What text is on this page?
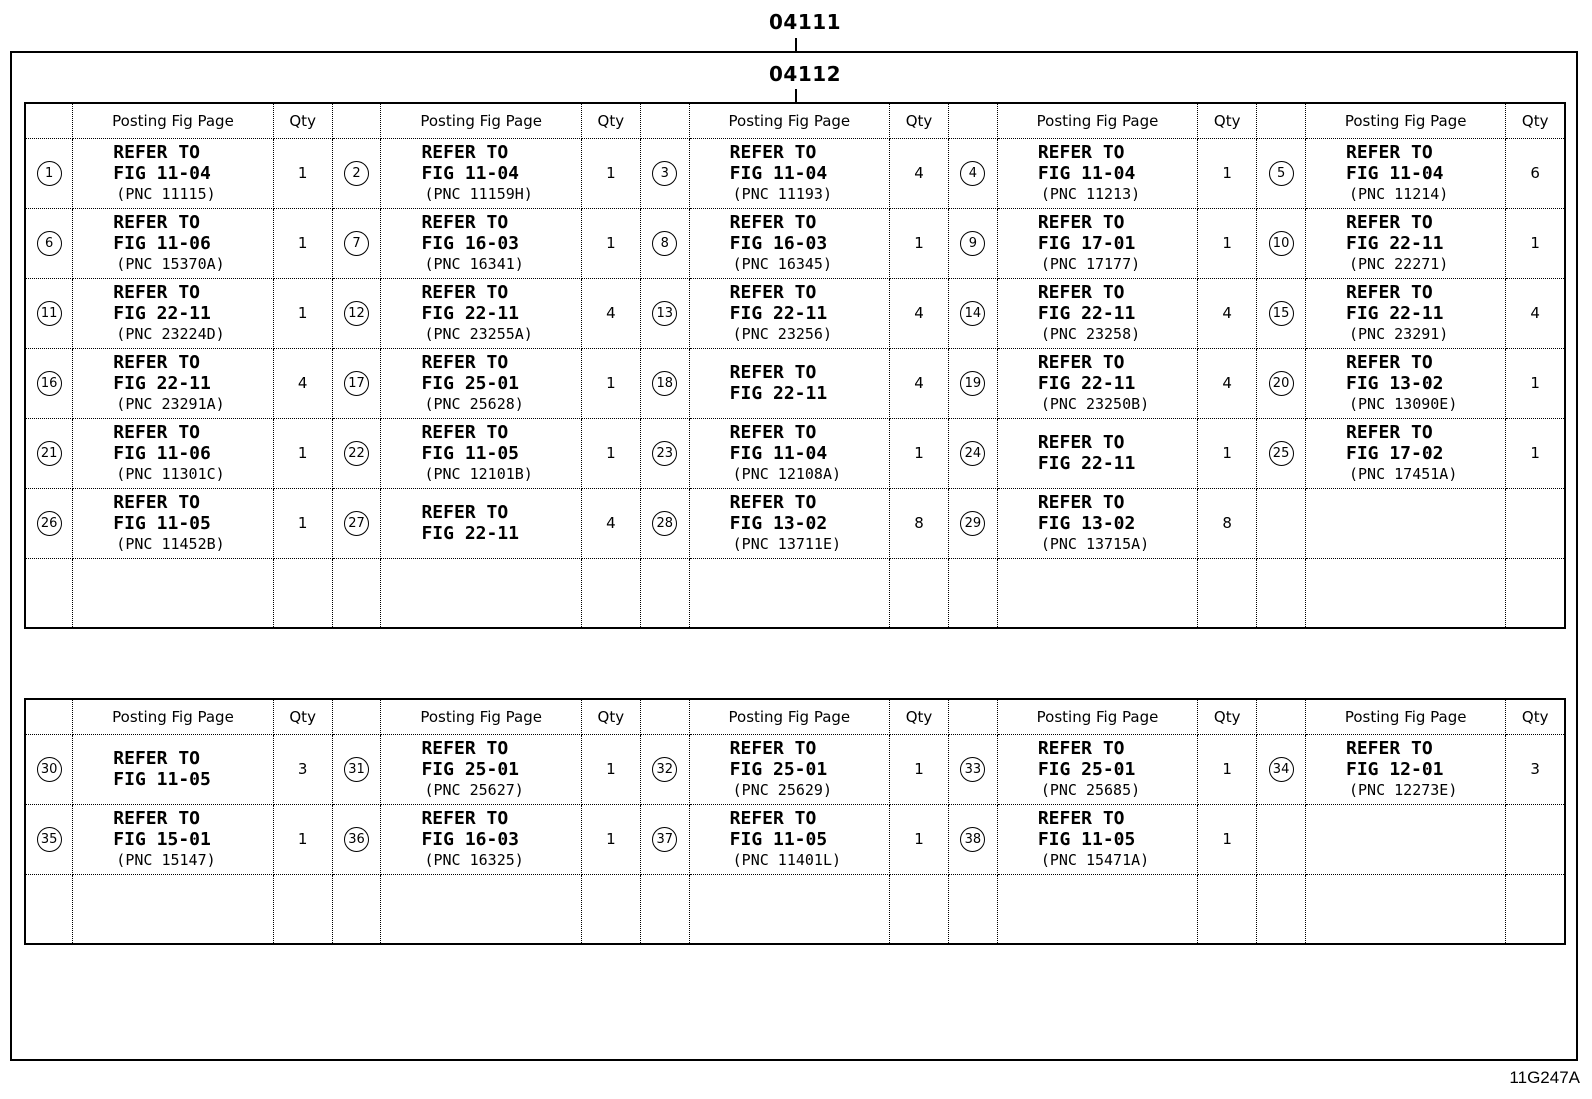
04111
04112
	Posting Fig Page	Qty		Posting Fig Page	Qty		Posting Fig Page	Qty		Posting Fig Page	Qty		Posting Fig Page	Qty
1	REFER TO
FIG 11-04
(PNC 11115)	1	2	REFER TO
FIG 11-04
(PNC 11159H)	1	3	REFER TO
FIG 11-04
(PNC 11193)	4	4	REFER TO
FIG 11-04
(PNC 11213)	1	5	REFER TO
FIG 11-04
(PNC 11214)	6
6	REFER TO
FIG 11-06
(PNC 15370A)	1	7	REFER TO
FIG 16-03
(PNC 16341)	1	8	REFER TO
FIG 16-03
(PNC 16345)	1	9	REFER TO
FIG 17-01
(PNC 17177)	1	10	REFER TO
FIG 22-11
(PNC 22271)	1
11	REFER TO
FIG 22-11
(PNC 23224D)	1	12	REFER TO
FIG 22-11
(PNC 23255A)	4	13	REFER TO
FIG 22-11
(PNC 23256)	4	14	REFER TO
FIG 22-11
(PNC 23258)	4	15	REFER TO
FIG 22-11
(PNC 23291)	4
16	REFER TO
FIG 22-11
(PNC 23291A)	4	17	REFER TO
FIG 25-01
(PNC 25628)	1	18	REFER TO
FIG 22-11	4	19	REFER TO
FIG 22-11
(PNC 23250B)	4	20	REFER TO
FIG 13-02
(PNC 13090E)	1
21	REFER TO
FIG 11-06
(PNC 11301C)	1	22	REFER TO
FIG 11-05
(PNC 12101B)	1	23	REFER TO
FIG 11-04
(PNC 12108A)	1	24	REFER TO
FIG 22-11	1	25	REFER TO
FIG 17-02
(PNC 17451A)	1
26	REFER TO
FIG 11-05
(PNC 11452B)	1	27	REFER TO
FIG 22-11	4	28	REFER TO
FIG 13-02
(PNC 13711E)	8	29	REFER TO
FIG 13-02
(PNC 13715A)	8			

	Posting Fig Page	Qty		Posting Fig Page	Qty		Posting Fig Page	Qty		Posting Fig Page	Qty		Posting Fig Page	Qty
30	REFER TO
FIG 11-05	3	31	REFER TO
FIG 25-01
(PNC 25627)	1	32	REFER TO
FIG 25-01
(PNC 25629)	1	33	REFER TO
FIG 25-01
(PNC 25685)	1	34	REFER TO
FIG 12-01
(PNC 12273E)	3
35	REFER TO
FIG 15-01
(PNC 15147)	1	36	REFER TO
FIG 16-03
(PNC 16325)	1	37	REFER TO
FIG 11-05
(PNC 11401L)	1	38	REFER TO
FIG 11-05
(PNC 15471A)	1			

11G247A
